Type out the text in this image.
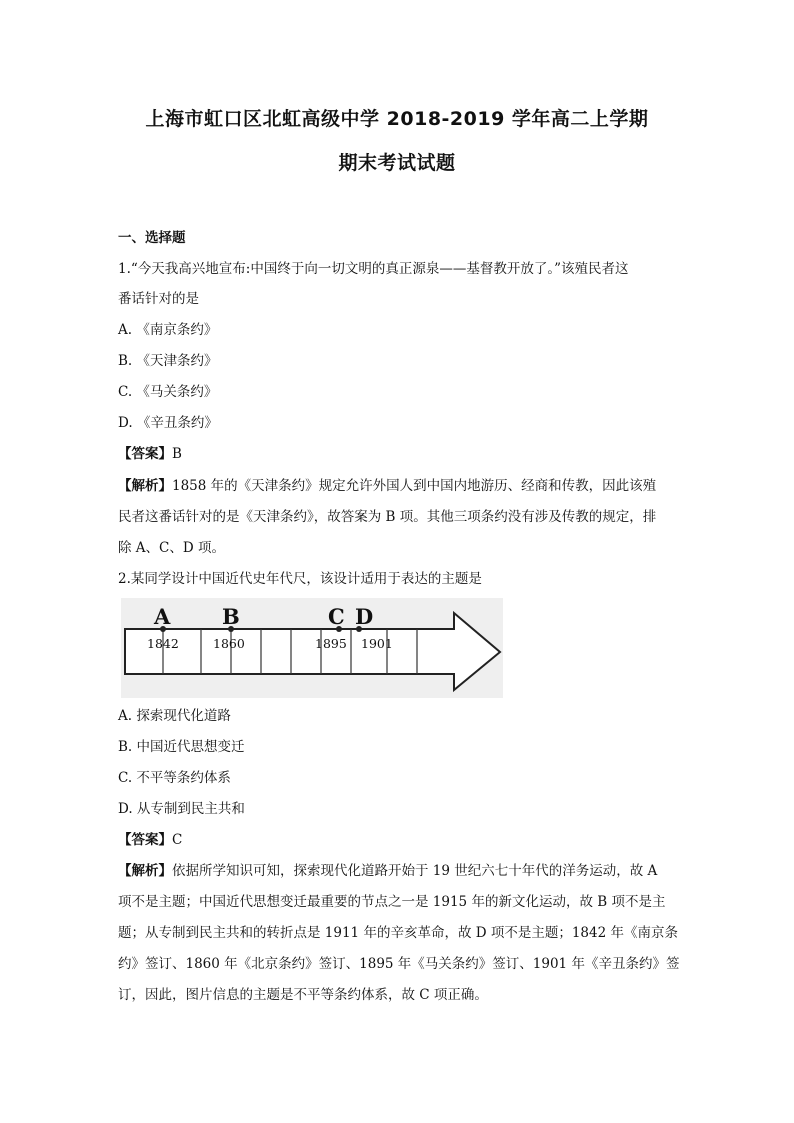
上海市虹口区北虹高级中学 2018-2019 学年高二上学期
期末考试试题
一、选择题
1.“今天我高兴地宣布:中国终于向一切文明的真正源泉——基督教开放了。”该殖民者这
番话针对的是
A. 《南京条约》
B. 《天津条约》
C. 《马关条约》
D. 《辛丑条约》
【答案】B
【解析】1858 年的《天津条约》规定允许外国人到中国内地游历、经商和传教，因此该殖
民者这番话针对的是《天津条约》，故答案为 B 项。其他三项条约没有涉及传教的规定，排
除 A、C、D 项。
2.某同学设计中国近代史年代尺，该设计适用于表达的主题是
A B	C D
1842	1860	1895 1901
A. 探索现代化道路
B. 中国近代思想变迁
C. 不平等条约体系
D. 从专制到民主共和
【答案】C
【解析】依据所学知识可知，探索现代化道路开始于 19 世纪六七十年代的洋务运动，故 A
项不是主题；中国近代思想变迁最重要的节点之一是 1915 年的新文化运动，故 B 项不是主
题；从专制到民主共和的转折点是 1911 年的辛亥革命，故 D 项不是主题；1842 年《南京条
约》签订、1860 年《北京条约》签订、1895 年《马关条约》签订、1901 年《辛丑条约》签
订，因此，图片信息的主题是不平等条约体系，故 C 项正确。
